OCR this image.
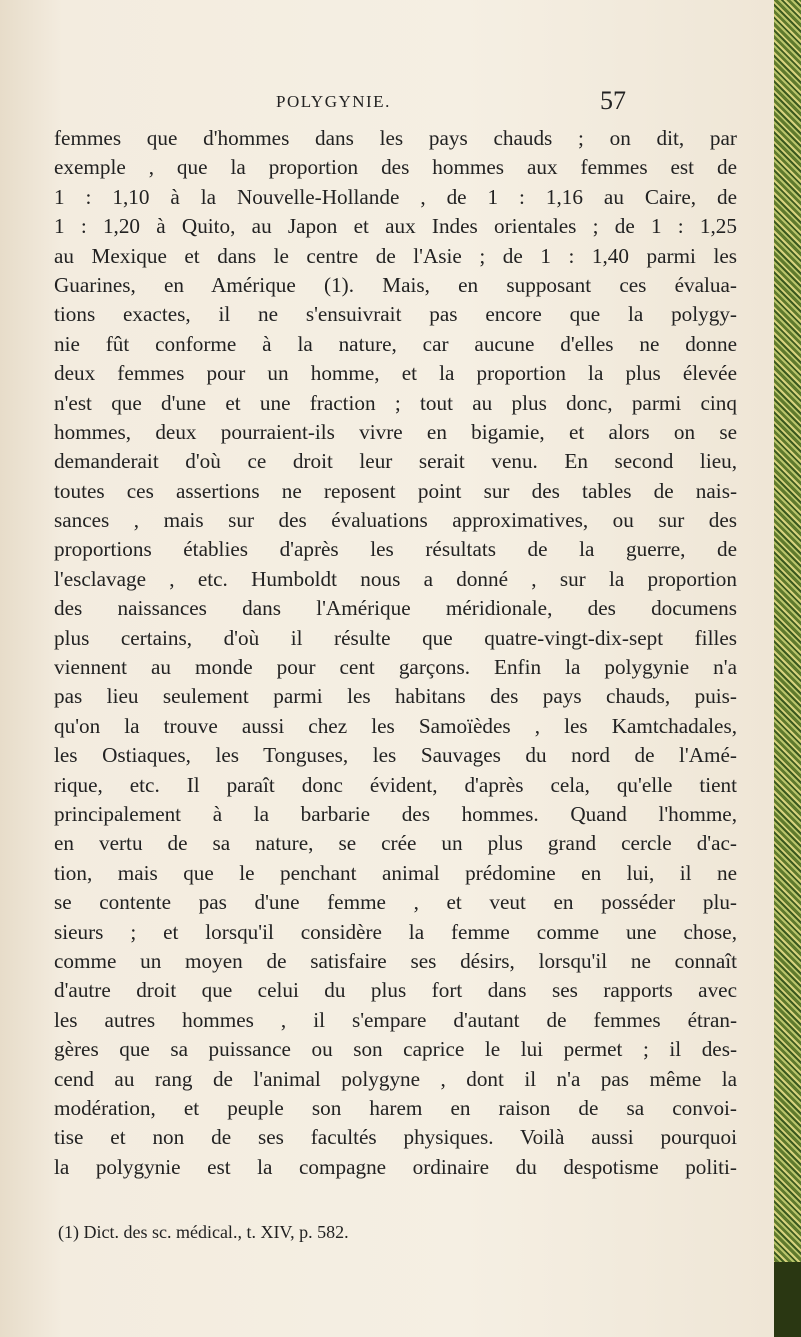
POLYGYNIE.	57
femmes que d'hommes dans les pays chauds ; on dit, par
exemple , que la proportion des hommes aux femmes est de
1 : 1,10 à la Nouvelle-Hollande , de 1 : 1,16 au Caire, de
1 : 1,20 à Quito, au Japon et aux Indes orientales ; de 1 : 1,25
au Mexique et dans le centre de l'Asie ; de 1 : 1,40 parmi les
Guarines, en Amérique (1). Mais, en supposant ces évalua-
tions exactes, il ne s'ensuivrait pas encore que la polygy-
nie fût conforme à la nature, car aucune d'elles ne donne
deux femmes pour un homme, et la proportion la plus élevée
n'est que d'une et une fraction ; tout au plus donc, parmi cinq
hommes, deux pourraient-ils vivre en bigamie, et alors on se
demanderait d'où ce droit leur serait venu. En second lieu,
toutes ces assertions ne reposent point sur des tables de nais-
sances , mais sur des évaluations approximatives, ou sur des
proportions établies d'après les résultats de la guerre, de
l'esclavage , etc. Humboldt nous a donné , sur la proportion
des naissances dans l'Amérique méridionale, des documens
plus certains, d'où il résulte que quatre-vingt-dix-sept filles
viennent au monde pour cent garçons. Enfin la polygynie n'a
pas lieu seulement parmi les habitans des pays chauds, puis-
qu'on la trouve aussi chez les Samoïèdes , les Kamtchadales,
les Ostiaques, les Tonguses, les Sauvages du nord de l'Amé-
rique, etc. Il paraît donc évident, d'après cela, qu'elle tient
principalement à la barbarie des hommes. Quand l'homme,
en vertu de sa nature, se crée un plus grand cercle d'ac-
tion, mais que le penchant animal prédomine en lui, il ne
se contente pas d'une femme , et veut en posséder plu-
sieurs ; et lorsqu'il considère la femme comme une chose,
comme un moyen de satisfaire ses désirs, lorsqu'il ne connaît
d'autre droit que celui du plus fort dans ses rapports avec
les autres hommes , il s'empare d'autant de femmes étran-
gères que sa puissance ou son caprice le lui permet ; il des-
cend au rang de l'animal polygyne , dont il n'a pas même la
modération, et peuple son harem en raison de sa convoi-
tise et non de ses facultés physiques. Voilà aussi pourquoi
la polygynie est la compagne ordinaire du despotisme politi-
(1) Dict. des sc. médical., t. XIV, p. 582.
